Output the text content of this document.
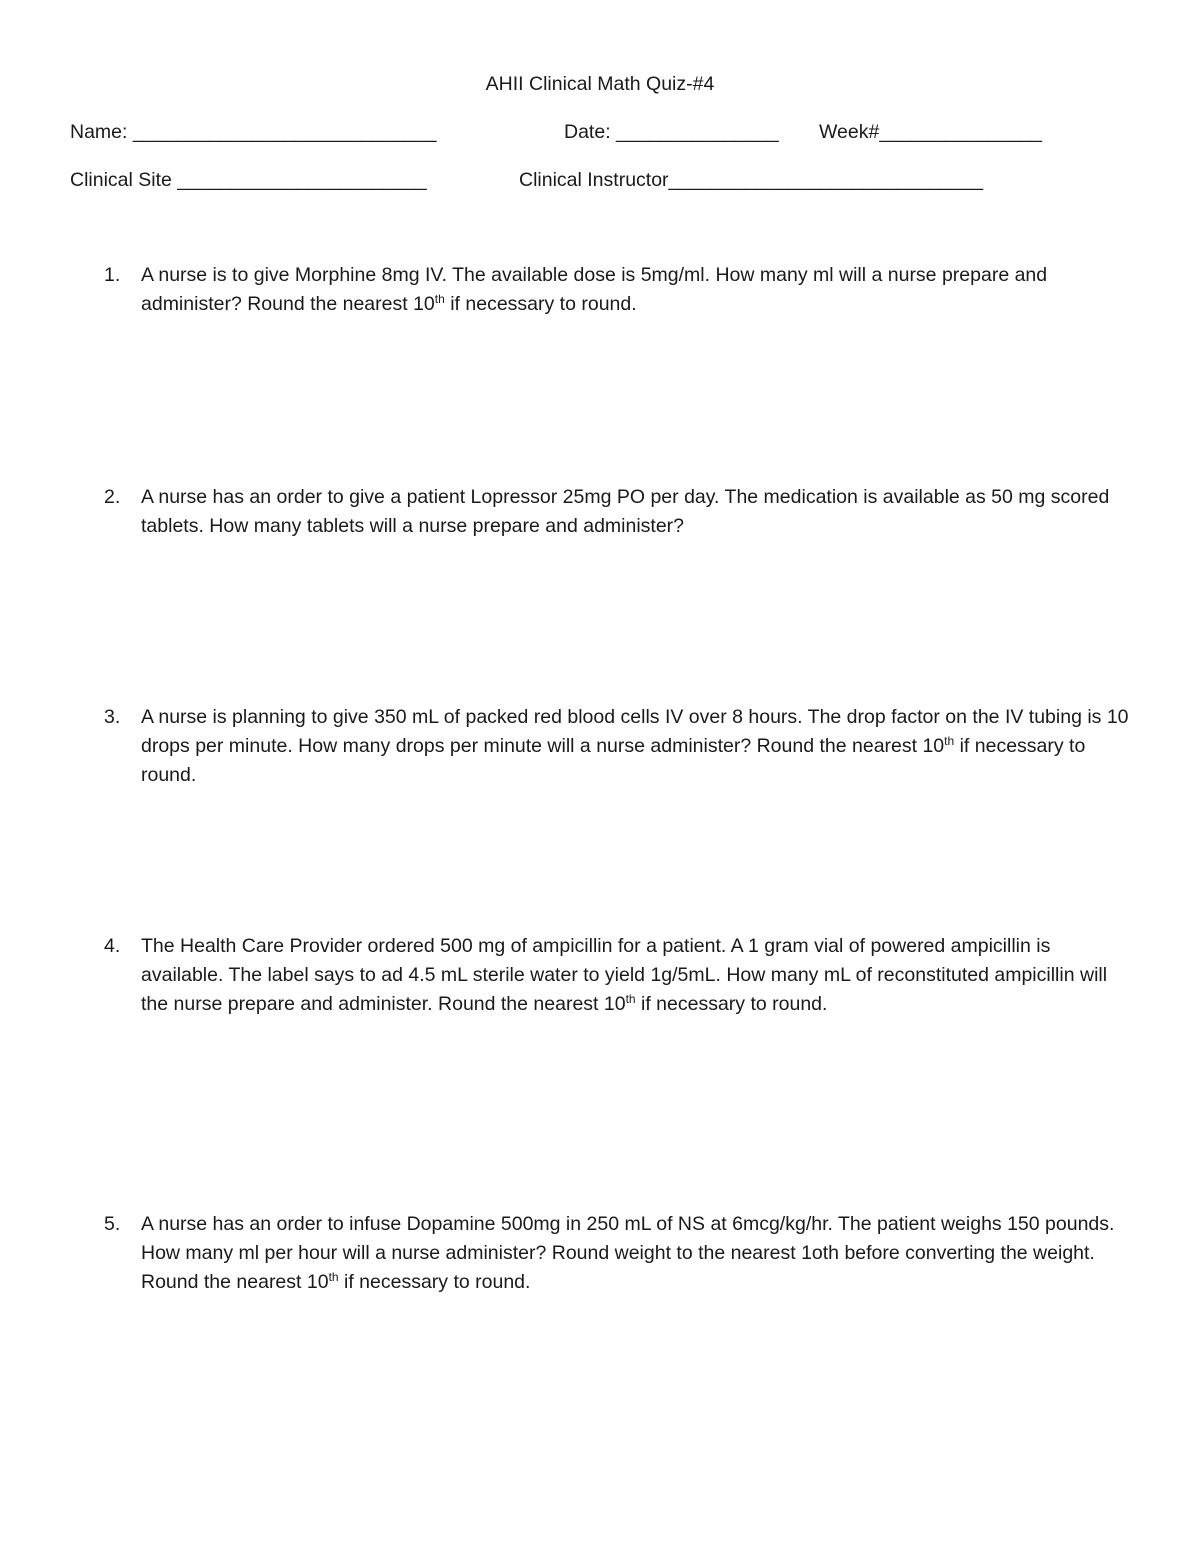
AHII Clinical Math Quiz-#4
Name: ____________________________	Date: _______________ Week#_______________
Clinical Site _______________________	Clinical Instructor_____________________________
1.	A nurse is to give Morphine 8mg IV. The available dose is 5mg/ml. How many ml will a nurse prepare and administer? Round the nearest 10th if necessary to round.
2.	A nurse has an order to give a patient Lopressor 25mg PO per day. The medication is available as 50 mg scored tablets. How many tablets will a nurse prepare and administer?
3.	A nurse is planning to give 350 mL of packed red blood cells IV over 8 hours. The drop factor on the IV tubing is 10 drops per minute. How many drops per minute will a nurse administer? Round the nearest 10th if necessary to round.
4.	The Health Care Provider ordered 500 mg of ampicillin for a patient. A 1 gram vial of powered ampicillin is available. The label says to ad 4.5 mL sterile water to yield 1g/5mL. How many mL of reconstituted ampicillin will the nurse prepare and administer. Round the nearest 10th if necessary to round.
5.	A nurse has an order to infuse Dopamine 500mg in 250 mL of NS at 6mcg/kg/hr. The patient weighs 150 pounds. How many ml per hour will a nurse administer? Round weight to the nearest 1oth before converting the weight. Round the nearest 10th if necessary to round.
